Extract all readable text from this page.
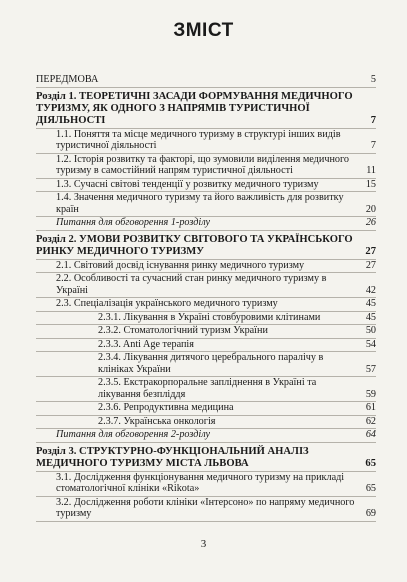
ЗМІСТ
ПЕРЕДМОВА	5
Розділ 1. ТЕОРЕТИЧНІ ЗАСАДИ ФОРМУВАННЯ МЕДИЧНОГО ТУРИЗМУ, ЯК ОДНОГО З НАПРЯМІВ ТУРИСТИЧНОЇ ДІЯЛЬНОСТІ	7
1.1. Поняття та місце медичного туризму в структурі інших видів туристичної діяльності	7
1.2. Історія розвитку та факторі, що зумовили виділення медичного туризму в самостійний напрям туристичної діяльності	11
1.3. Сучасні світові тенденції у розвитку медичного туризму	15
1.4. Значення медичного туризму та його важливість для розвитку країн	20
Питання для обговорення 1-розділу	26
Розділ 2. УМОВИ РОЗВИТКУ СВІТОВОГО ТА УКРАЇНСЬКОГО РИНКУ МЕДИЧНОГО ТУРИЗМУ	27
2.1. Світовий досвід існування ринку медичного туризму	27
2.2. Особливості та сучасний стан ринку медичного туризму в Україні	42
2.3. Спеціалізація українського медичного туризму	45
2.3.1. Лікування в Україні стовбуровими клітинами	45
2.3.2. Стоматологічний туризм України	50
2.3.3. Anti Age терапія	54
2.3.4. Лікування дитячого церебрального паралічу в клініках України	57
2.3.5. Екстракорпоральне запліднення в Україні та лікування безпліддя	59
2.3.6. Репродуктивна медицина	61
2.3.7. Українська онкологія	62
Питання для обговорення 2-розділу	64
Розділ 3. СТРУКТУРНО-ФУНКЦІОНАЛЬНИЙ АНАЛІЗ МЕДИЧНОГО ТУРИЗМУ МІСТА ЛЬВОВА	65
3.1. Дослідження функціонування медичного туризму на прикладі стоматологічної клініки «Rikota»	65
3.2. Дослідження роботи клініки «Інтерсоно» по напряму медичного туризму	69
3
